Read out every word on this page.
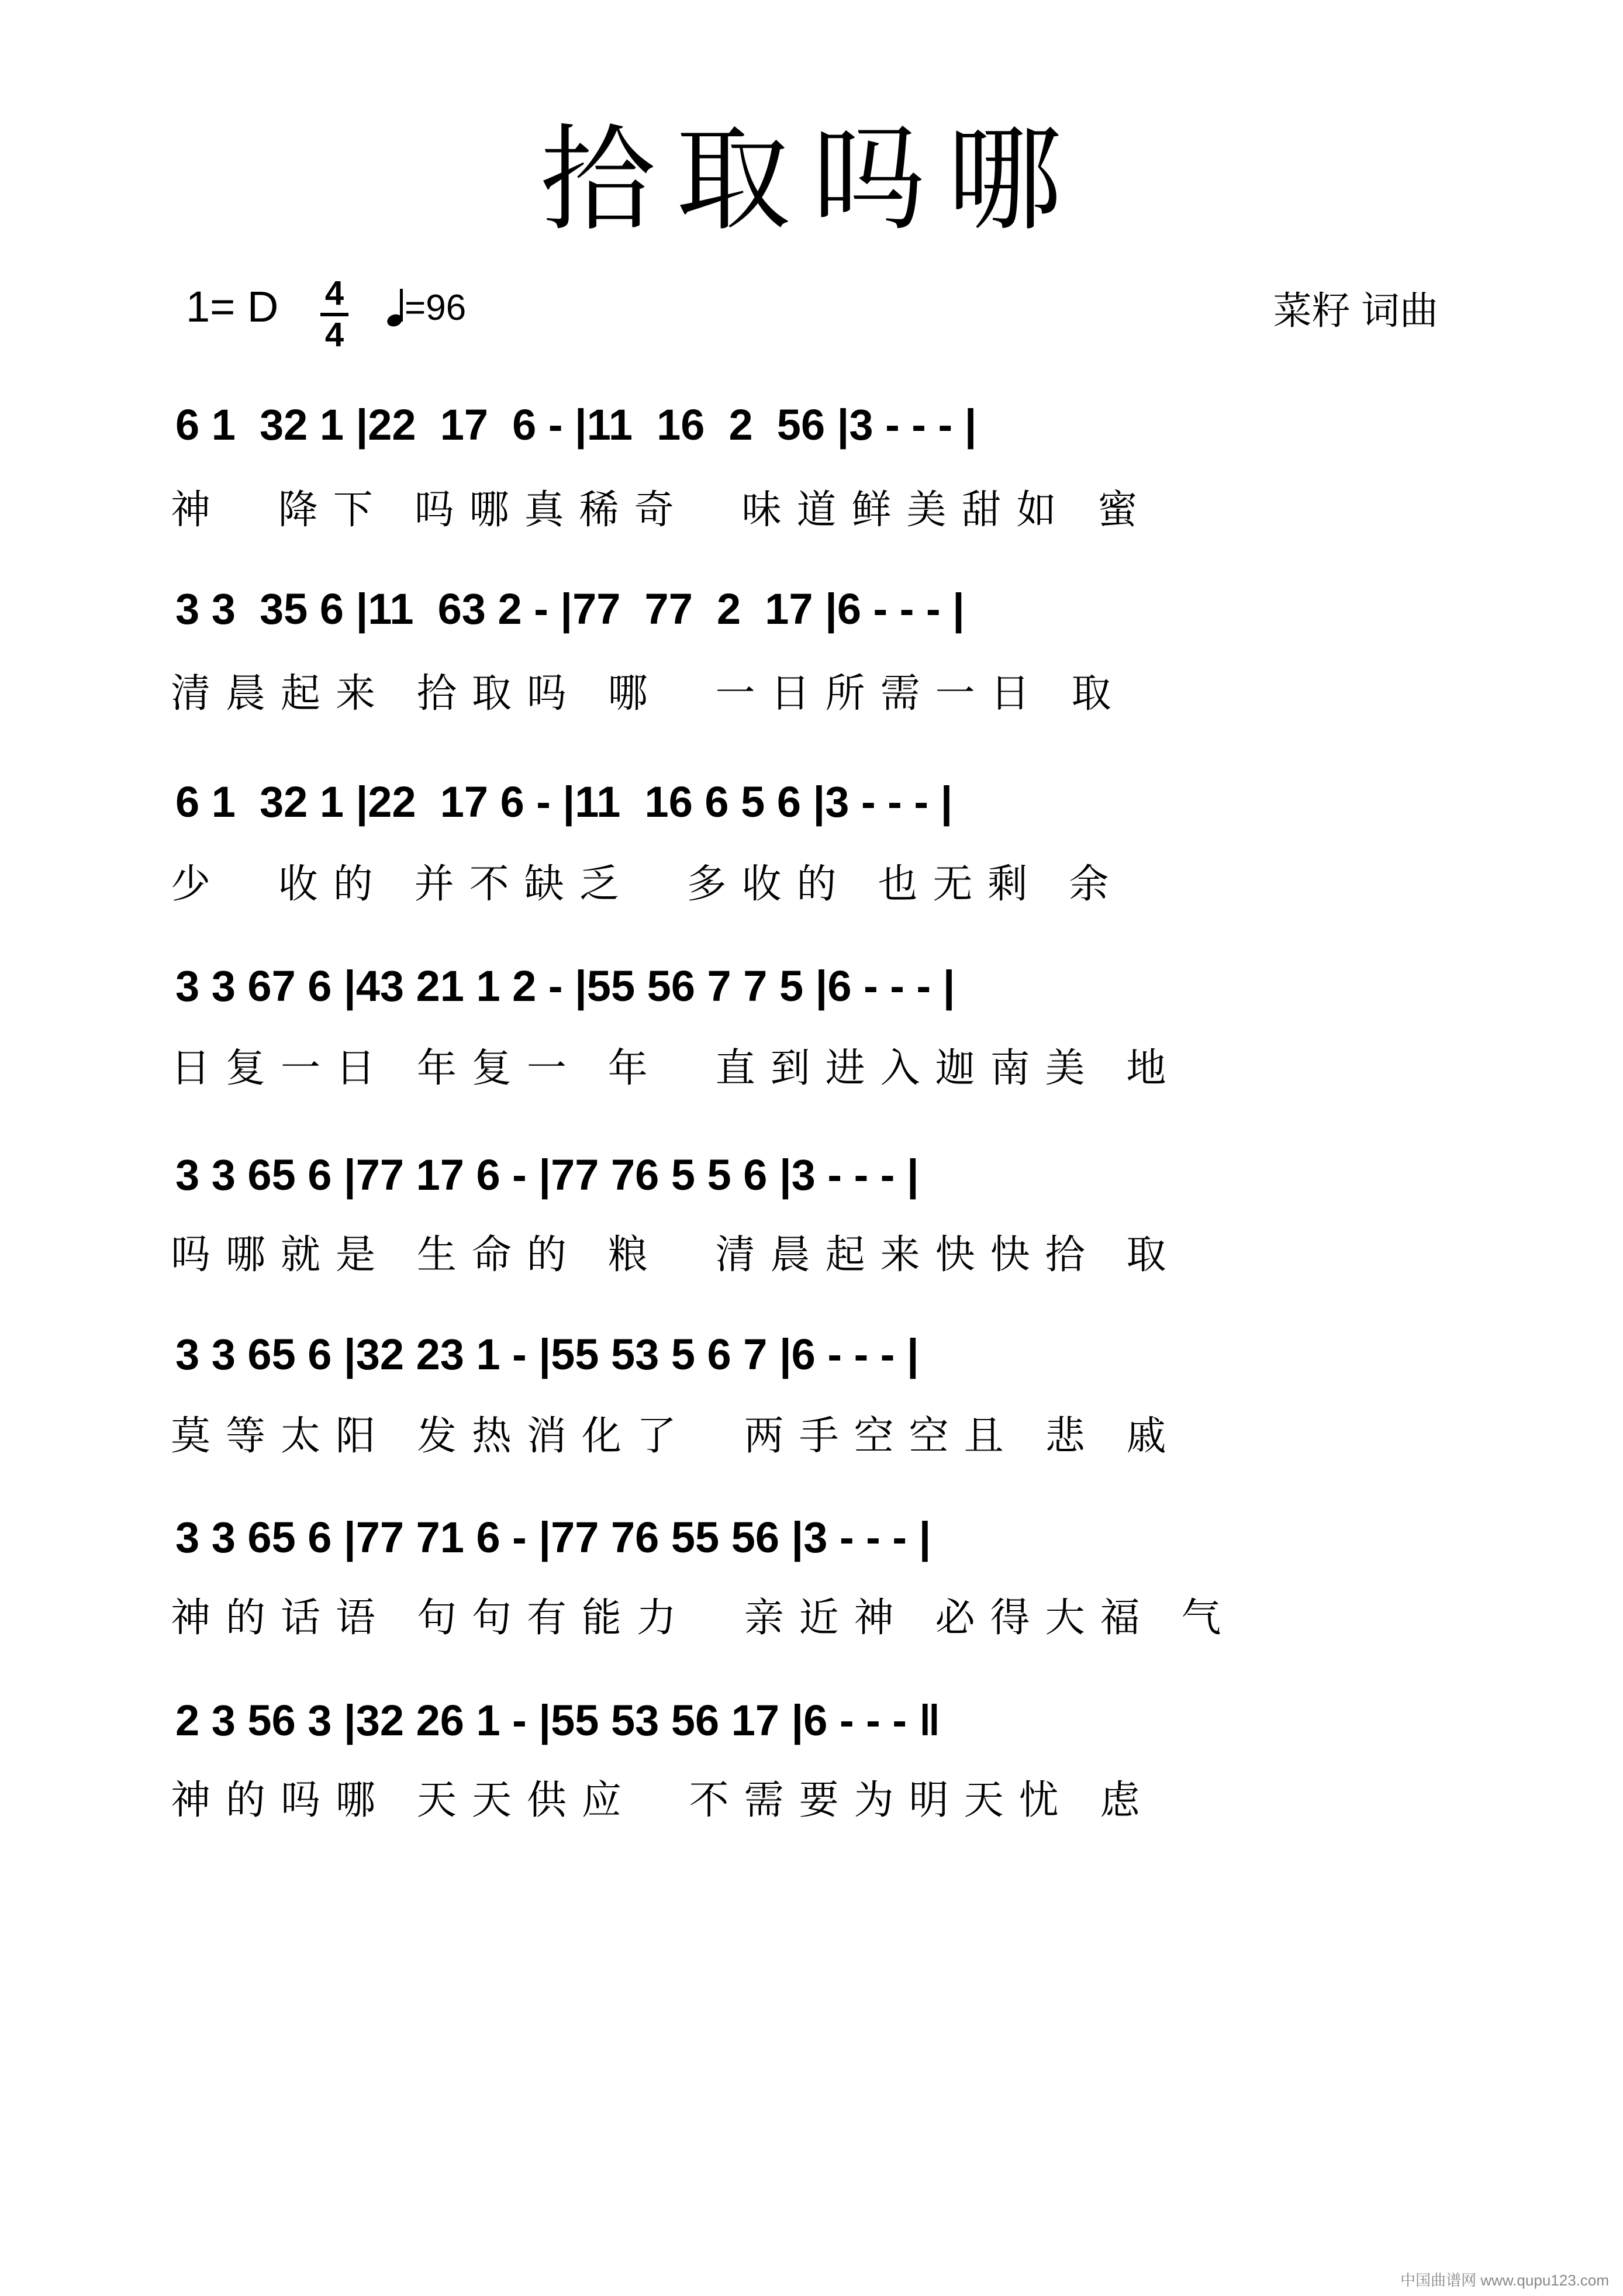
拾取吗哪
1= D 4
4
=96	菜籽 词曲
6 1  32 1 |22  17  6 - |11  16  2  56 |3 - - - |
神  降下 吗哪真稀奇  味道鲜美甜如 蜜
3 3  35 6 |11  63 2 - |77  77  2  17 |6 - - - |
清晨起来 拾取吗 哪  一日所需一日 取
6 1  32 1 |22  17 6 - |11  16 6 5 6 |3 - - - |
少  收的 并不缺乏  多收的 也无剩 余
3 3 67 6 |43 21 1 2 - |55 56 7 7 5 |6 - - - |
日复一日 年复一 年  直到进入迦南美 地
3 3 65 6 |77 17 6 - |77 76 5 5 6 |3 - - - |
吗哪就是 生命的 粮  清晨起来快快拾 取
3 3 65 6 |32 23 1 - |55 53 5 6 7 |6 - - - |
莫等太阳 发热消化了  两手空空且 悲 戚
3 3 65 6 |77 71 6 - |77 76 55 56 |3 - - - |
神的话语 句句有能力  亲近神 必得大福 气
2 3 56 3 |32 26 1 - |55 53 56 17 |6 - - - ‖
神的吗哪 天天供应  不需要为明天忧 虑
中国曲谱网 www.qupu123.com
